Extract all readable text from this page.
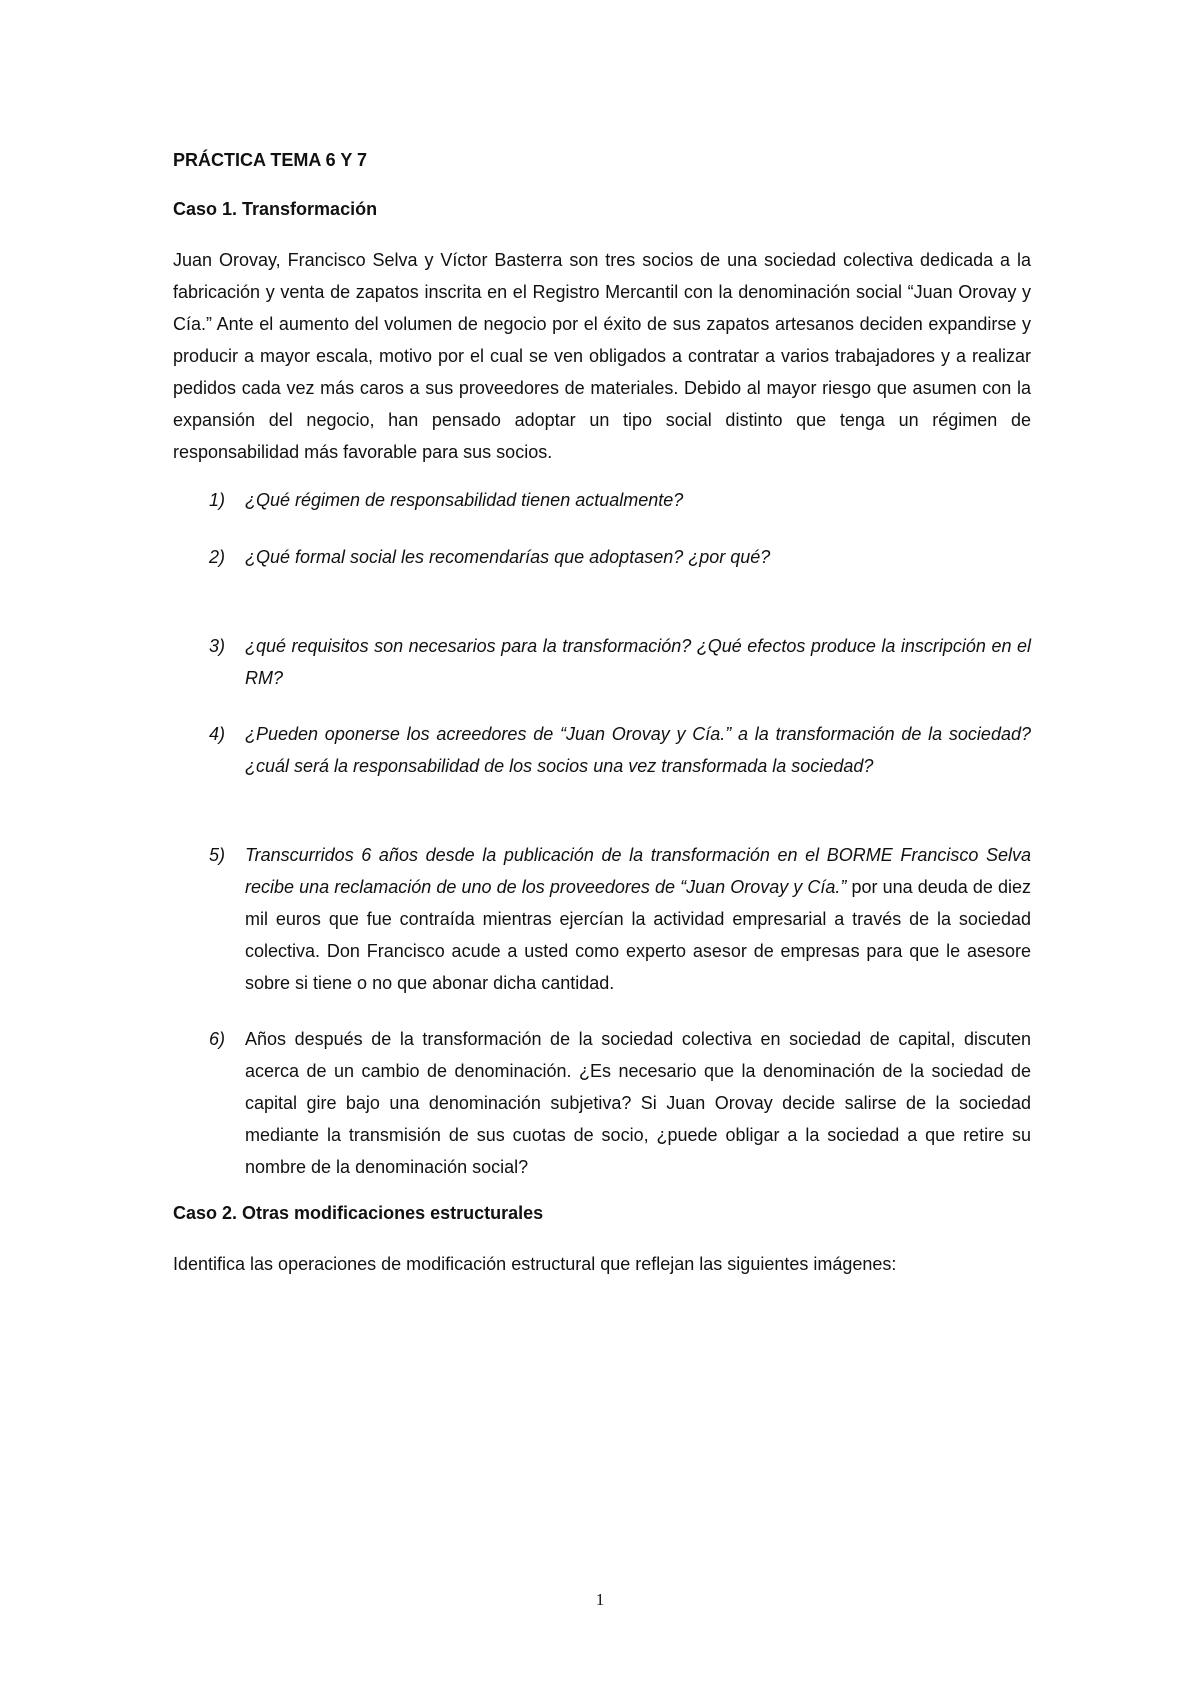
PRÁCTICA TEMA 6 Y 7
Caso 1. Transformación

Juan Orovay, Francisco Selva y Víctor Basterra son tres socios de una sociedad colectiva dedicada a la fabricación y venta de zapatos inscrita en el Registro Mercantil con la denominación social “Juan Orovay y Cía.” Ante el aumento del volumen de negocio por el éxito de sus zapatos artesanos deciden expandirse y producir a mayor escala, motivo por el cual se ven obligados a contratar a varios trabajadores y a realizar pedidos cada vez más caros a sus proveedores de materiales. Debido al mayor riesgo que asumen con la expansión del negocio, han pensado adoptar un tipo social distinto que tenga un régimen de responsabilidad más favorable para sus socios.

1) ¿Qué régimen de responsabilidad tienen actualmente?
2) ¿Qué formal social les recomendarías que adoptasen? ¿por qué?
3) ¿qué requisitos son necesarios para la transformación? ¿Qué efectos produce la inscripción en el RM?
4) ¿Pueden oponerse los acreedores de “Juan Orovay y Cía.” a la transformación de la sociedad? ¿cuál será la responsabilidad de los socios una vez transformada la sociedad?
5) Transcurridos 6 años desde la publicación de la transformación en el BORME Francisco Selva recibe una reclamación de uno de los proveedores de “Juan Orovay y Cía.” por una deuda de diez mil euros que fue contraída mientras ejercían la actividad empresarial a través de la sociedad colectiva. Don Francisco acude a usted como experto asesor de empresas para que le asesore sobre si tiene o no que abonar dicha cantidad.
6) Años después de la transformación de la sociedad colectiva en sociedad de capital, discuten acerca de un cambio de denominación. ¿Es necesario que la denominación de la sociedad de capital gire bajo una denominación subjetiva? Si Juan Orovay decide salirse de la sociedad mediante la transmisión de sus cuotas de socio, ¿puede obligar a la sociedad a que retire su nombre de la denominación social?
Caso 2. Otras modificaciones estructurales

Identifica las operaciones de modificación estructural que reflejan las siguientes imágenes:

1
